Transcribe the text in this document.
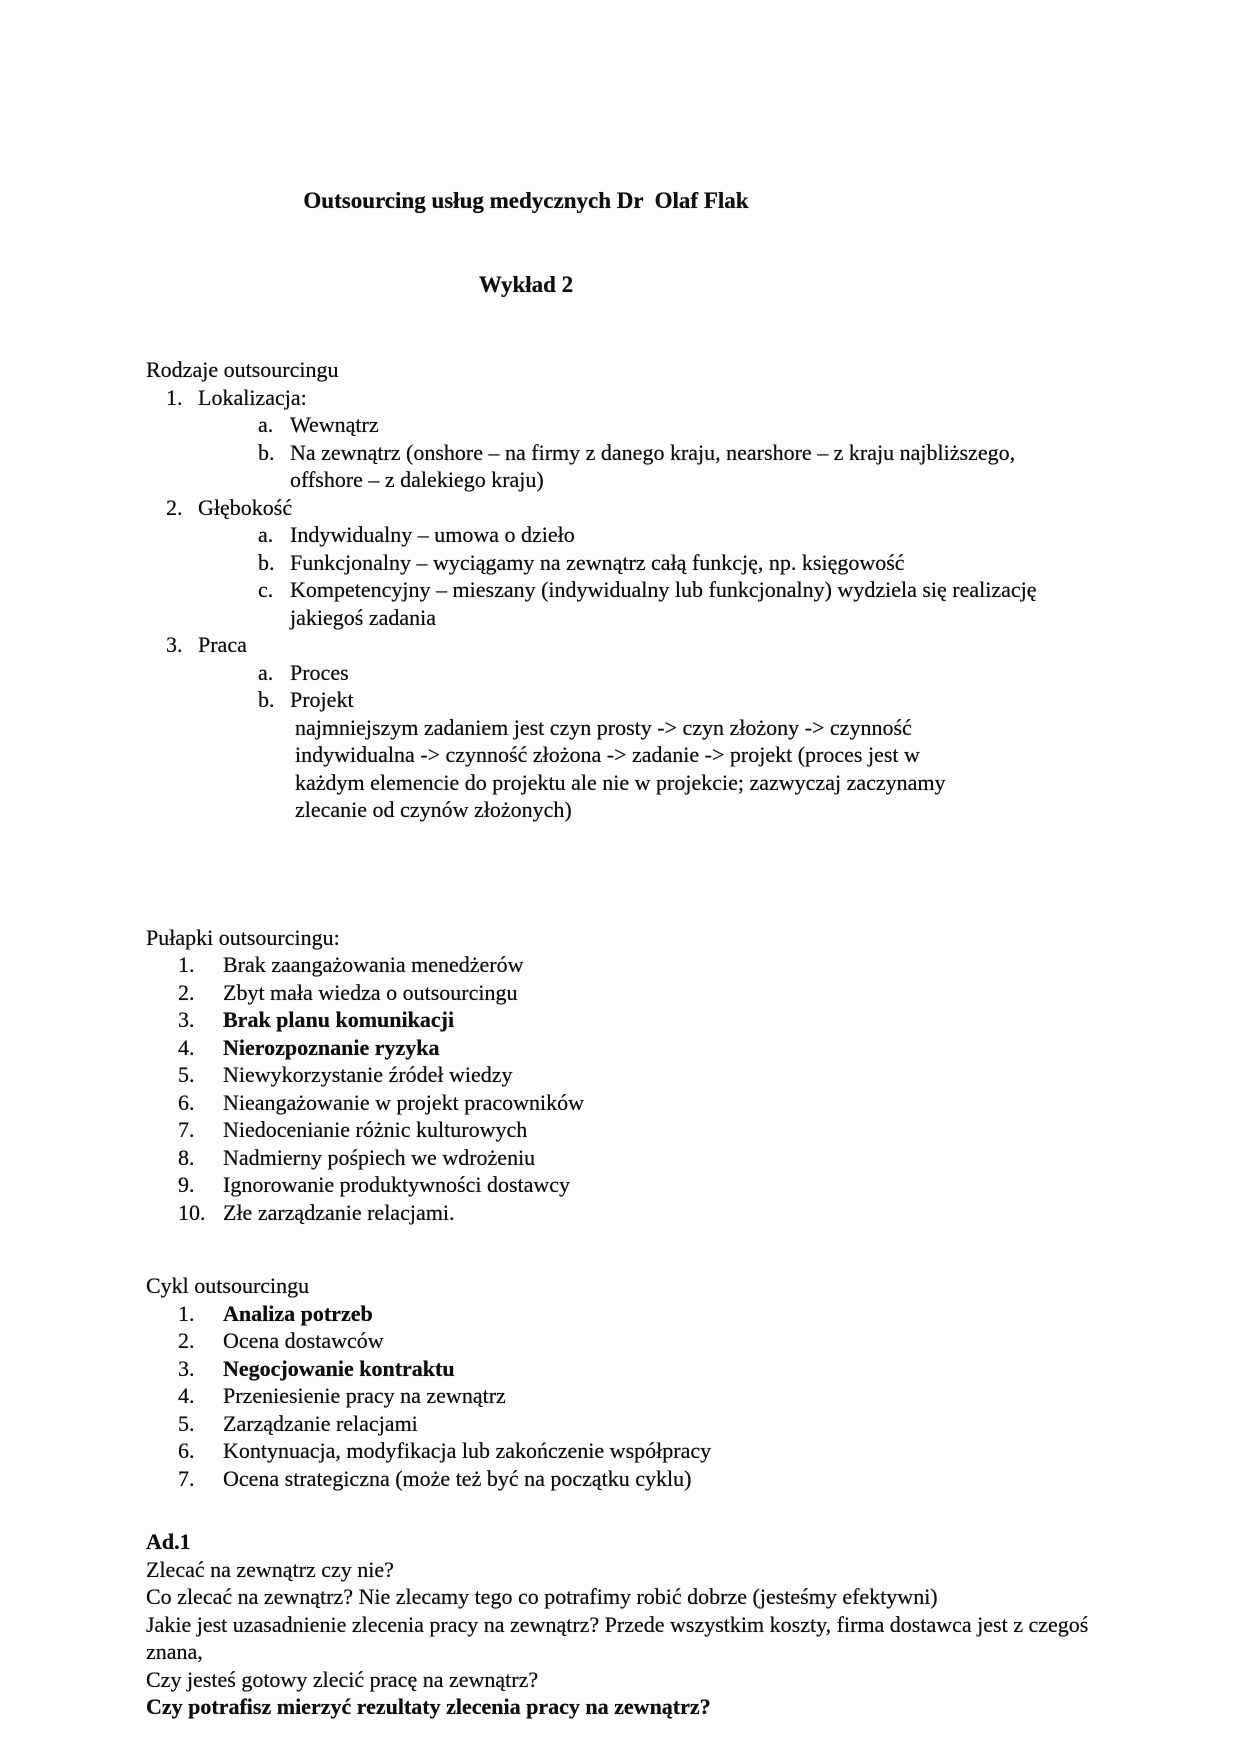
Outsourcing usług medycznych Dr  Olaf Flak

Wykład 2

Rodzaje outsourcingu
1. Lokalizacja:
a. Wewnątrz
b. Na zewnątrz (onshore – na firmy z danego kraju, nearshore – z kraju najbliższego, offshore – z dalekiego kraju)
2. Głębokość
a. Indywidualny – umowa o dzieło
b. Funkcjonalny – wyciągamy na zewnątrz całą funkcję, np. księgowość
c. Kompetencyjny – mieszany (indywidualny lub funkcjonalny) wydziela się realizację jakiegoś zadania
3. Praca
a. Proces
b. Projekt
najmniejszym zadaniem jest czyn prosty -> czyn złożony -> czynność indywidualna -> czynność złożona -> zadanie -> projekt (proces jest w każdym elemencie do projektu ale nie w projekcie; zazwyczaj zaczynamy zlecanie od czynów złożonych)
Pułapki outsourcingu:
1. Brak zaangażowania menedżerów
2. Zbyt mała wiedza o outsourcingu
3. Brak planu komunikacji
4. Nierozpoznanie ryzyka
5. Niewykorzystanie źródeł wiedzy
6. Nieangażowanie w projekt pracowników
7. Niedocenianie różnic kulturowych
8. Nadmierny pośpiech we wdrożeniu
9. Ignorowanie produktywności dostawcy
10. Złe zarządzanie relacjami.
Cykl outsourcingu
1. Analiza potrzeb
2. Ocena dostawców
3. Negocjowanie kontraktu
4. Przeniesienie pracy na zewnątrz
5. Zarządzanie relacjami
6. Kontynuacja, modyfikacja lub zakończenie współpracy
7. Ocena strategiczna (może też być na początku cyklu)
Ad.1
Zlecać na zewnątrz czy nie?
Co zlecać na zewnątrz? Nie zlecamy tego co potrafimy robić dobrze (jesteśmy efektywni)
Jakie jest uzasadnienie zlecenia pracy na zewnątrz? Przede wszystkim koszty, firma dostawca jest z czegoś znana,
Czy jesteś gotowy zlecić pracę na zewnątrz?
Czy potrafisz mierzyć rezultaty zlecenia pracy na zewnątrz?
